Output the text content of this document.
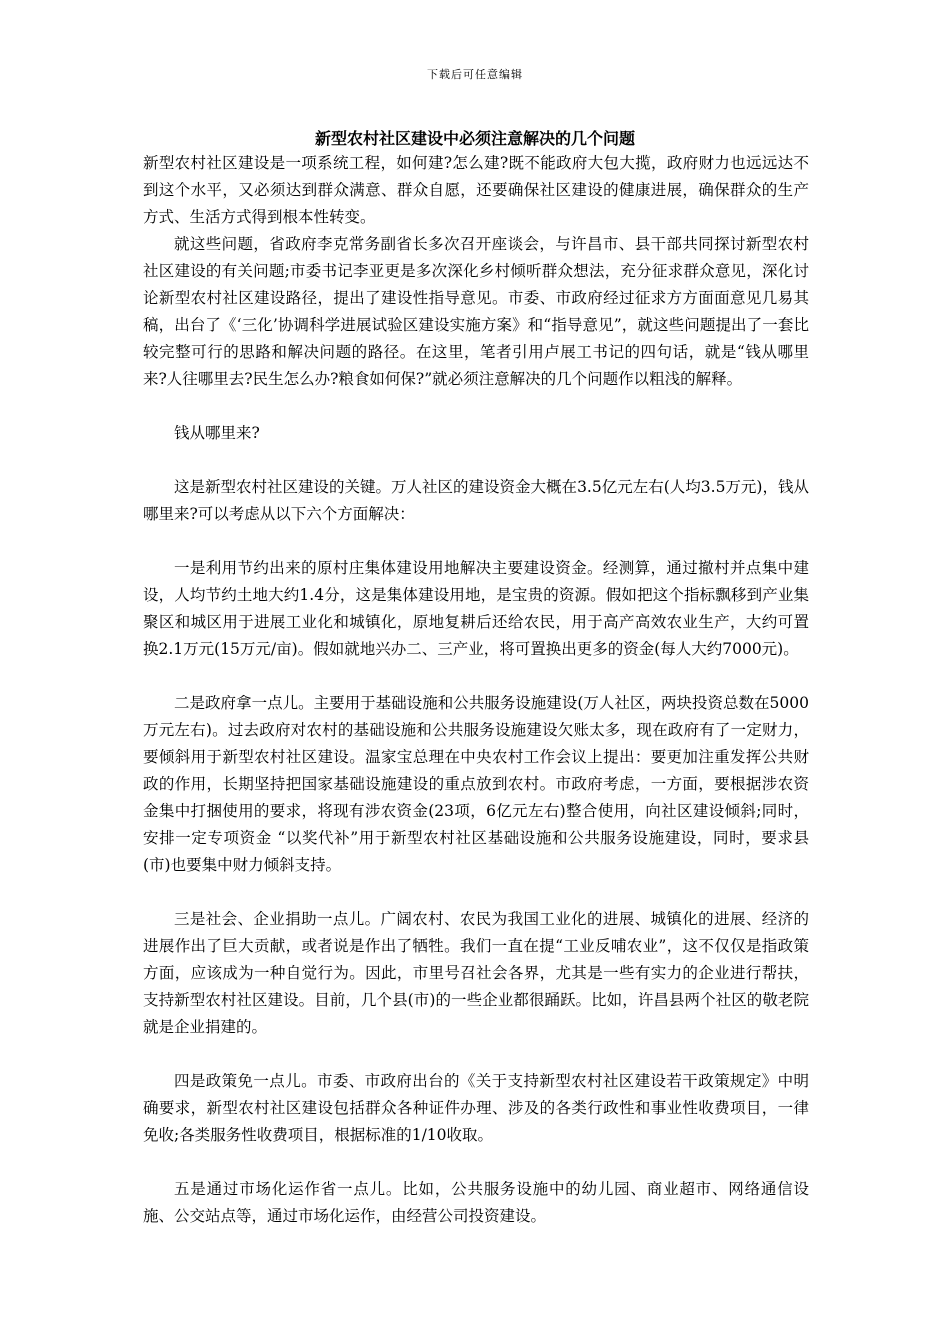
下载后可任意编辑
新型农村社区建设中必须注意解决的几个问题

新型农村社区建设是一项系统工程，如何建?怎么建?既不能政府大包大揽，政府财力也远远达不到这个水平，又必须达到群众满意、群众自愿，还要确保社区建设的健康进展，确保群众的生产方式、生活方式得到根本性转变。

就这些问题，省政府李克常务副省长多次召开座谈会，与许昌市、县干部共同探讨新型农村社区建设的有关问题;市委书记李亚更是多次深化乡村倾听群众想法，充分征求群众意见，深化讨论新型农村社区建设路径，提出了建设性指导意见。市委、市政府经过征求方方面面意见几易其稿，出台了《‘三化’协调科学进展试验区建设实施方案》和“指导意见”，就这些问题提出了一套比较完整可行的思路和解决问题的路径。在这里，笔者引用卢展工书记的四句话，就是“钱从哪里来?人往哪里去?民生怎么办?粮食如何保?”就必须注意解决的几个问题作以粗浅的解释。

钱从哪里来?

这是新型农村社区建设的关键。万人社区的建设资金大概在3.5亿元左右(人均3.5万元)，钱从哪里来?可以考虑从以下六个方面解决：

一是利用节约出来的原村庄集体建设用地解决主要建设资金。经测算，通过撤村并点集中建设，人均节约土地大约1.4分，这是集体建设用地，是宝贵的资源。假如把这个指标飘移到产业集聚区和城区用于进展工业化和城镇化，原地复耕后还给农民，用于高产高效农业生产，大约可置换2.1万元(15万元/亩)。假如就地兴办二、三产业，将可置换出更多的资金(每人大约7000元)。

二是政府拿一点儿。主要用于基础设施和公共服务设施建设(万人社区，两块投资总数在5000万元左右)。过去政府对农村的基础设施和公共服务设施建设欠账太多，现在政府有了一定财力，要倾斜用于新型农村社区建设。温家宝总理在中央农村工作会议上提出：要更加注重发挥公共财政的作用，长期坚持把国家基础设施建设的重点放到农村。市政府考虑，一方面，要根据涉农资金集中打捆使用的要求，将现有涉农资金(23项，6亿元左右)整合使用，向社区建设倾斜;同时，安排一定专项资金 “以奖代补”用于新型农村社区基础设施和公共服务设施建设，同时，要求县(市)也要集中财力倾斜支持。

三是社会、企业捐助一点儿。广阔农村、农民为我国工业化的进展、城镇化的进展、经济的进展作出了巨大贡献，或者说是作出了牺牲。我们一直在提“工业反哺农业”，这不仅仅是指政策方面，应该成为一种自觉行为。因此，市里号召社会各界，尤其是一些有实力的企业进行帮扶，支持新型农村社区建设。目前，几个县(市)的一些企业都很踊跃。比如，许昌县两个社区的敬老院就是企业捐建的。

四是政策免一点儿。市委、市政府出台的《关于支持新型农村社区建设若干政策规定》中明确要求，新型农村社区建设包括群众各种证件办理、涉及的各类行政性和事业性收费项目，一律免收;各类服务性收费项目，根据标准的1/10收取。

五是通过市场化运作省一点儿。比如，公共服务设施中的幼儿园、商业超市、网络通信设施、公交站点等，通过市场化运作，由经营公司投资建设。
